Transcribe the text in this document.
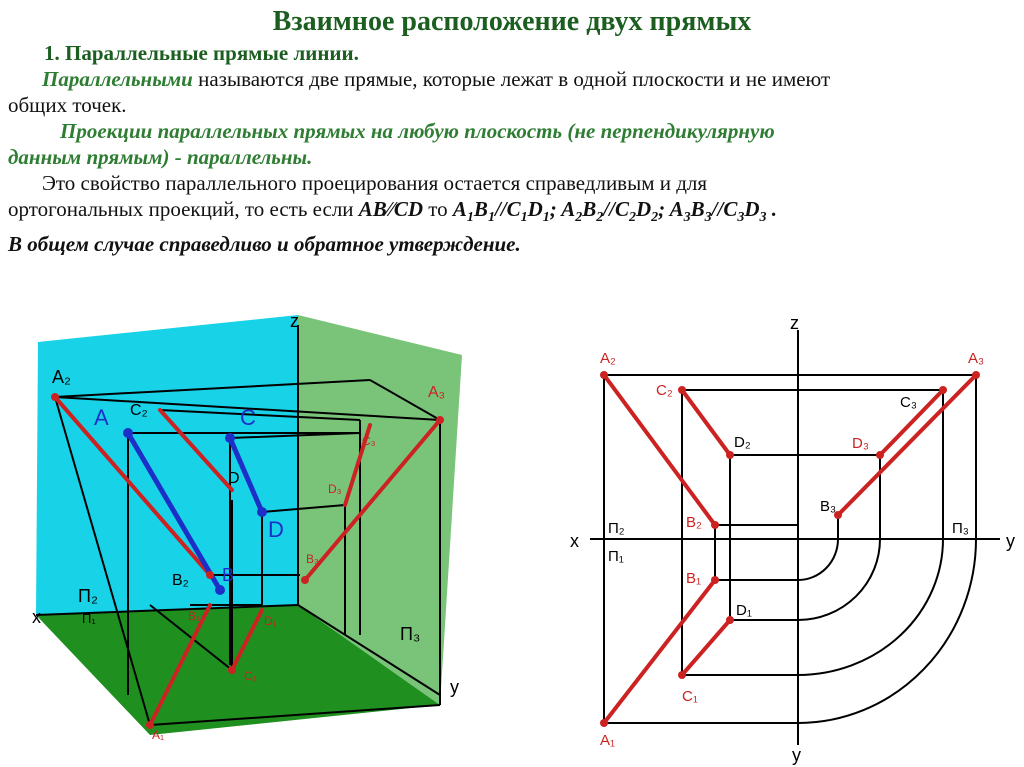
Взаимное расположение двух прямых
1. Параллельные прямые линии.
Параллельными называются две прямые, которые лежат в одной плоскости и не имеют
общих точек.
Проекции параллельных прямых на любую плоскость (не перпендикулярную
данным прямым) - параллельны.
Это свойство параллельного проецирования остается справедливым и для
ортогональных проекций, то есть если AB⁄⁄CD то $A_1B_1//C_1D_1$; $A_2B_2//C_2D_2$; $A_3B_3//C_3D_3$ .
В общем случае справедливо и обратное утверждение.
z
x
y
П₂
П₁
П₃
A₂
C₂
A₃
C₃
D
D₃
B₂
B₃
B₁	D₁
C₁
A₁
A	C
D
B
z
x	y
y
П₂
П₁
П₃
A₂
C₂
B₂
B₁
C₁
A₁
A₃
D₃
D₂
D₁
C₃
B₃
